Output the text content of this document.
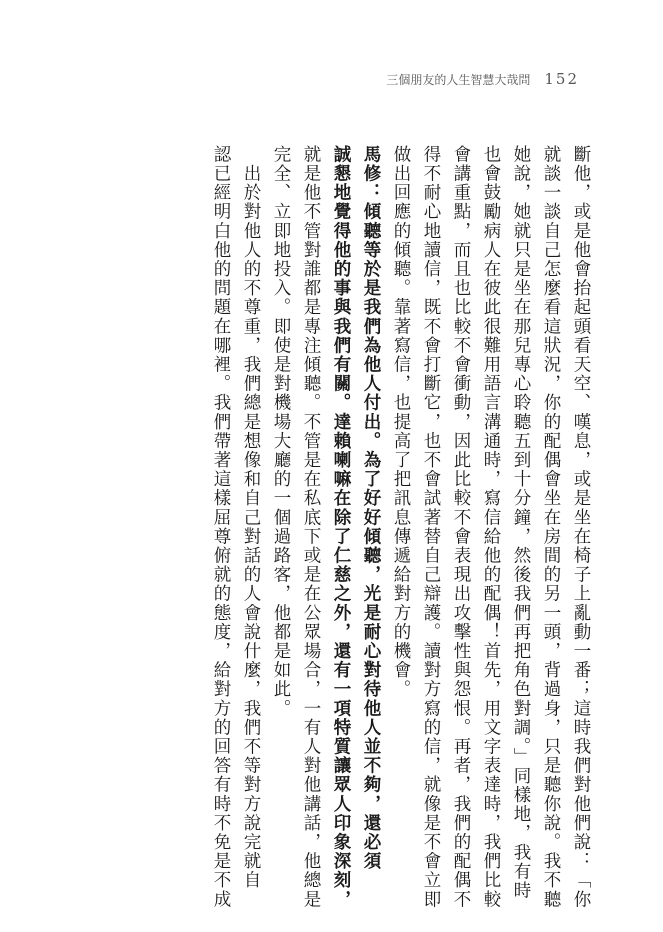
三個朋友的人生智慧大哉問 152
斷他，或是他會抬起頭看天空、嘆息，或是坐在椅子上亂動一番；這時我們對他們說：「你
就談一談自己怎麼看這狀況，你的配偶會坐在房間的另一頭，背過身，只是聽你說。我不聽
她說，她就只是坐在那兒專心聆聽五到十分鐘，然後我們再把角色對調。」同樣地，我有時
也會鼓勵病人在彼此很難用語言溝通時，寫信給他的配偶！首先，用文字表達時，我們比較
會講重點，而且也比較不會衝動，因此比較不會表現出攻擊性與怨恨。再者，我們的配偶不
得不耐心地讀信，既不會打斷它，也不會試著替自己辯護。讀對方寫的信，就像是不會立即
做出回應的傾聽。靠著寫信，也提高了把訊息傳遞給對方的機會。
馬修：傾聽等於是我們為他人付出。為了好好傾聽，光是耐心對待他人並不夠，還必須
誠懇地覺得他的事與我們有關。達賴喇嘛在除了仁慈之外，還有一項特質讓眾人印象深刻，
就是他不管對誰都是專注傾聽。不管是在私底下或是在公眾場合，一有人對他講話，他總是
完全、立即地投入。即使是對機場大廳的一個過路客，他都是如此。
　出於對他人的不尊重，我們總是想像和自己對話的人會說什麼，我們不等對方說完就自
認已經明白他的問題在哪裡。我們帶著這樣屈尊俯就的態度，給對方的回答有時不免是不成
